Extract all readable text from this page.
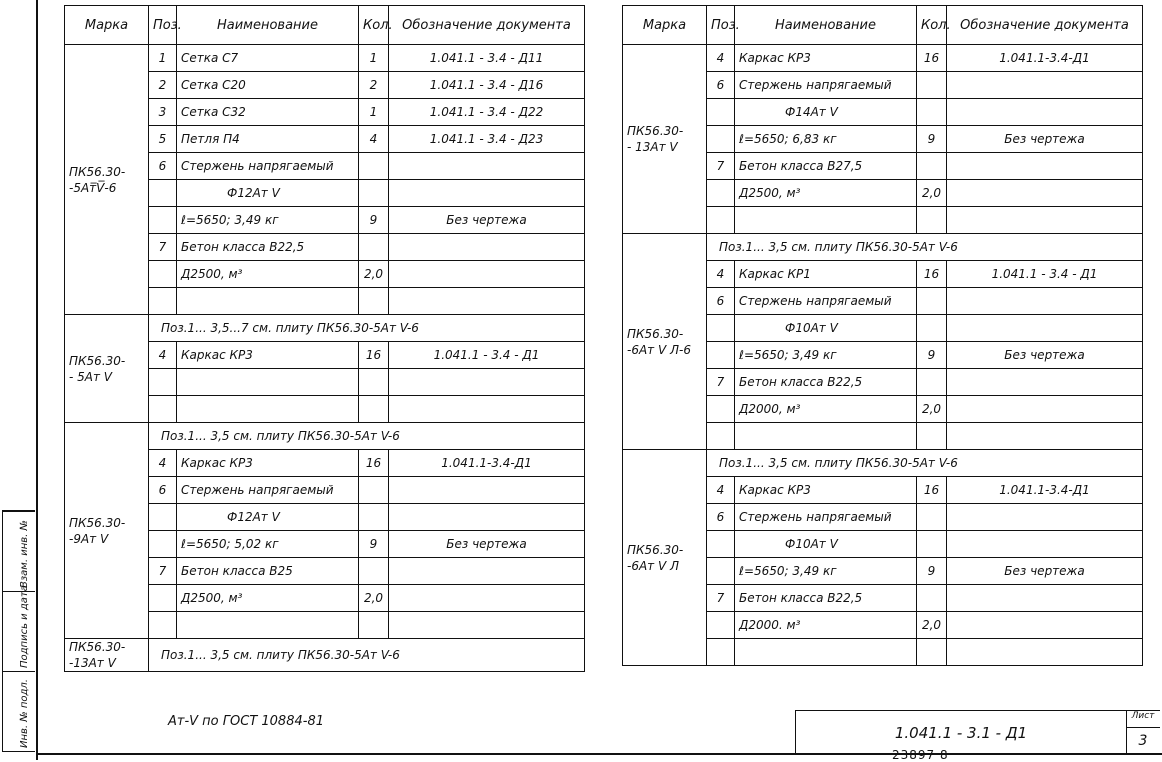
Взам. инв. №
Подпись и дата
Инв. № подл.
Марка	Поз.	Наименование	Кол.	Обозначение документа
ПК56.30-
-5Aт̅V̅-6	1	Сетка С7	1	1.041.1 - 3.4 - Д11
	2	Сетка С20	2	1.041.1 - 3.4 - Д16
	3	Сетка С32	1	1.041.1 - 3.4 - Д22
	5	Петля П4	4	1.041.1 - 3.4 - Д23
	6	Стержень напрягаемый		
		Ф12Aт V		
		ℓ=5650; 3,49 кг	9	Без чертежа
	7	Бетон класса В22,5		
		Д2500, м³	2,0	

ПК56.30-
- 5Aт V	Поз.1... 3,5...7 см. плиту ПК56.30-5Aт V-6			
	4	Каркас КР3	16	1.041.1 - 3.4 - Д1

ПК56.30-
-9Aт V	Поз.1... 3,5 см. плиту ПК56.30-5Aт V-6			
	4	Каркас КР3	16	1.041.1-3.4-Д1
	6	Стержень напрягаемый		
		Ф12Aт V		
		ℓ=5650; 5,02 кг	9	Без чертежа
	7	Бетон класса В25		
		Д2500, м³	2,0	

ПК56.30-
-13Aт V	Поз.1... 3,5 см. плиту ПК56.30-5Aт V-6			
Марка	Поз.	Наименование	Кол.	Обозначение документа
ПК56.30-
- 13Aт V	4	Каркас КР3	16	1.041.1-3.4-Д1
	6	Стержень напрягаемый		
		Ф14Aт V		
		ℓ=5650; 6,83 кг	9	Без чертежа
	7	Бетон класса В27,5		
		Д2500, м³	2,0	

ПК56.30-
-6Aт V Л-6	Поз.1... 3,5 см. плиту ПК56.30-5Aт V-6			
	4	Каркас КР1	16	1.041.1 - 3.4 - Д1
	6	Стержень напрягаемый		
		Ф10Aт V		
		ℓ=5650; 3,49 кг	9	Без чертежа
	7	Бетон класса В22,5		
		Д2000, м³	2,0	

ПК56.30-
-6Aт V Л	Поз.1... 3,5 см. плиту ПК56.30-5Aт V-6			
	4	Каркас КР3	16	1.041.1-3.4-Д1
	6	Стержень напрягаемый		
		Ф10Aт V		
		ℓ=5650; 3,49 кг	9	Без чертежа
	7	Бетон класса В22,5		
		Д2000. м³	2,0	

Aт-V по ГОСТ 10884-81
1.041.1 - 3.1 - Д1
Лист
3
23897 8
